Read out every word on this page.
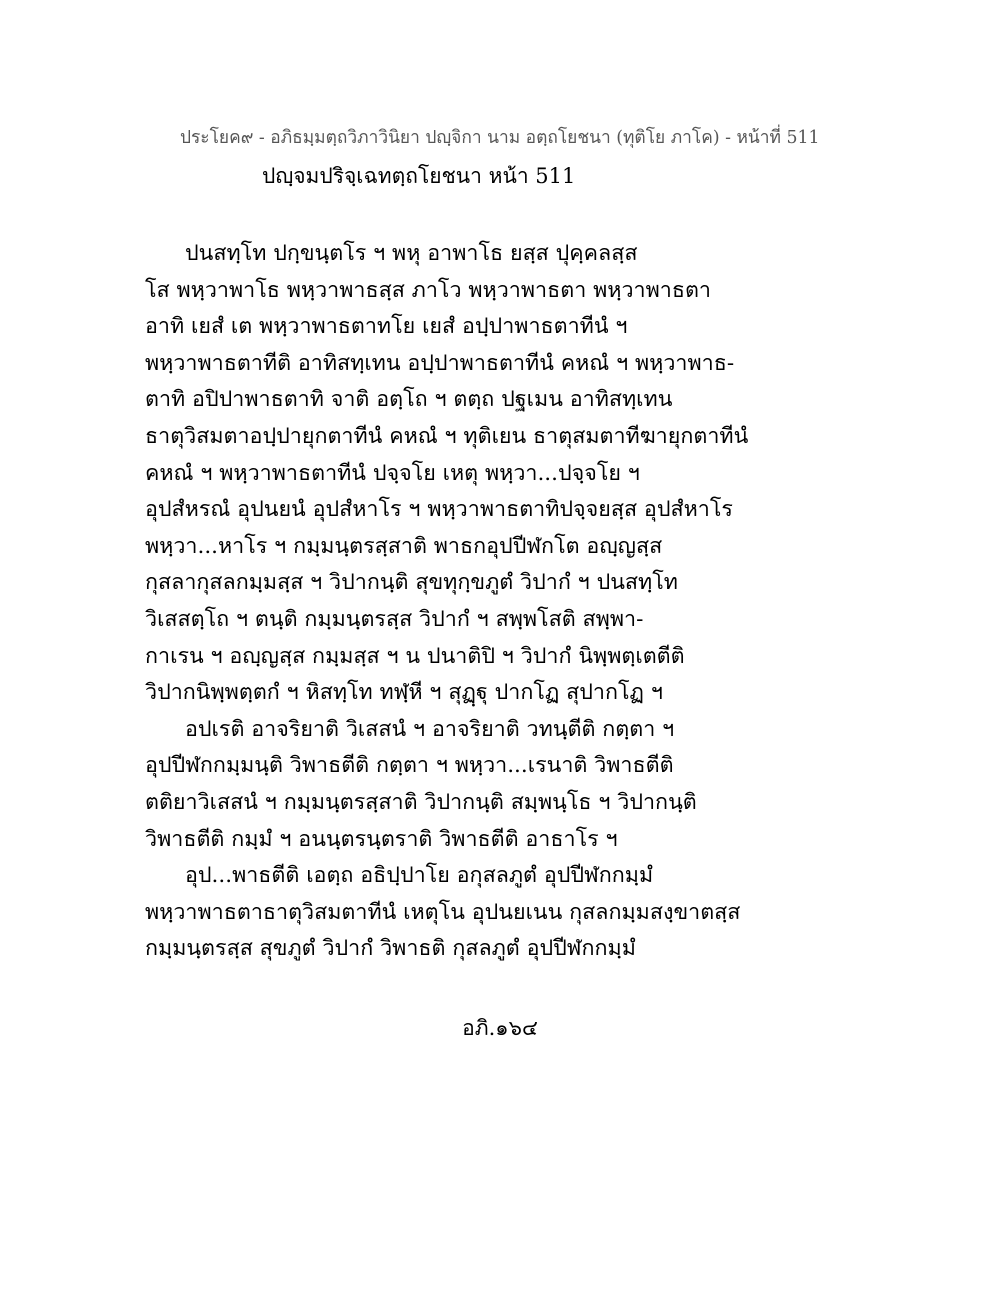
ประโยค๙ - อภิธมฺมตฺถวิภาวินิยา ปญฺจิกา นาม อตฺถโยชนา (ทุติโย ภาโค) - หน้าที่ 511
ปญฺจมปริจฺเฉทตฺถโยชนา หน้า 511
ปนสทฺโท ปกฺขนฺตโร ฯ พหุ อาพาโธ ยสฺส ปุคฺคลสฺส
โส พหฺวาพาโธ พหฺวาพาธสฺส ภาโว พหฺวาพาธตา พหฺวาพาธตา
อาทิ เยสํ เต พหฺวาพาธตาทโย เยสํ อปฺปาพาธตาทีนํ ฯ
พหฺวาพาธตาทีติ อาทิสทฺเทน อปฺปาพาธตาทีนํ คหณํ ฯ พหฺวาพาธ-
ตาทิ อปิปาพาธตาทิ จาติ อตฺโถ ฯ ตตฺถ ปฐเมน อาทิสทฺเทน
ธาตุวิสมตาอปฺปายุกตาทีนํ คหณํ ฯ ทุติเยน ธาตุสมตาทีฆายุกตาทีนํ
คหณํ ฯ พหฺวาพาธตาทีนํ ปจฺจโย เหตุ พหฺวา...ปจฺจโย ฯ
อุปสํหรณํ อุปนยนํ อุปสํหาโร ฯ พหฺวาพาธตาทิปจฺจยสฺส อุปสํหาโร
พหฺวา...หาโร ฯ กมฺมนฺตรสฺสาติ พาธกอุปปีฬกโต อญฺญสฺส
กุสลากุสลกมฺมสฺส ฯ วิปากนฺติ สุขทุกฺขภูตํ วิปากํ ฯ ปนสทฺโท
วิเสสตฺโถ ฯ ตนฺติ กมฺมนฺตรสฺส วิปากํ ฯ สพฺพโสติ สพฺพา-
กาเรน ฯ อญฺญสฺส กมฺมสฺส ฯ น ปนาติปิ ฯ วิปากํ นิพฺพตฺเตตีติ
วิปากนิพฺพตฺตกํ ฯ หิสทฺโท ทฬฺหี ฯ สุฏฺฐุ ปากโฏ สุปากโฏ ฯ
อปเรติ อาจริยาติ วิเสสนํ ฯ อาจริยาติ วทนฺตีติ กตฺตา ฯ
อุปปีฬกกมฺมนฺติ วิพาธตีติ กตฺตา ฯ พหฺวา...เรนาติ วิพาธตีติ
ตติยาวิเสสนํ ฯ กมฺมนฺตรสฺสาติ วิปากนฺติ สมฺพนฺโธ ฯ วิปากนฺติ
วิพาธตีติ กมฺมํ ฯ อนนฺตรนฺตราติ วิพาธตีติ อาธาโร ฯ
อุป...พาธตีติ เอตฺถ อธิปฺปาโย อกุสลภูตํ อุปปีฬกกมฺมํ
พหฺวาพาธตาธาตุวิสมตาทีนํ เหตุโน อุปนยเนน กุสลกมฺมสงฺขาตสฺส
กมฺมนฺตรสฺส สุขภูตํ วิปากํ วิพาธติ กุสลภูตํ อุปปีฬกกมฺมํ
อภิ.๑๖๔
